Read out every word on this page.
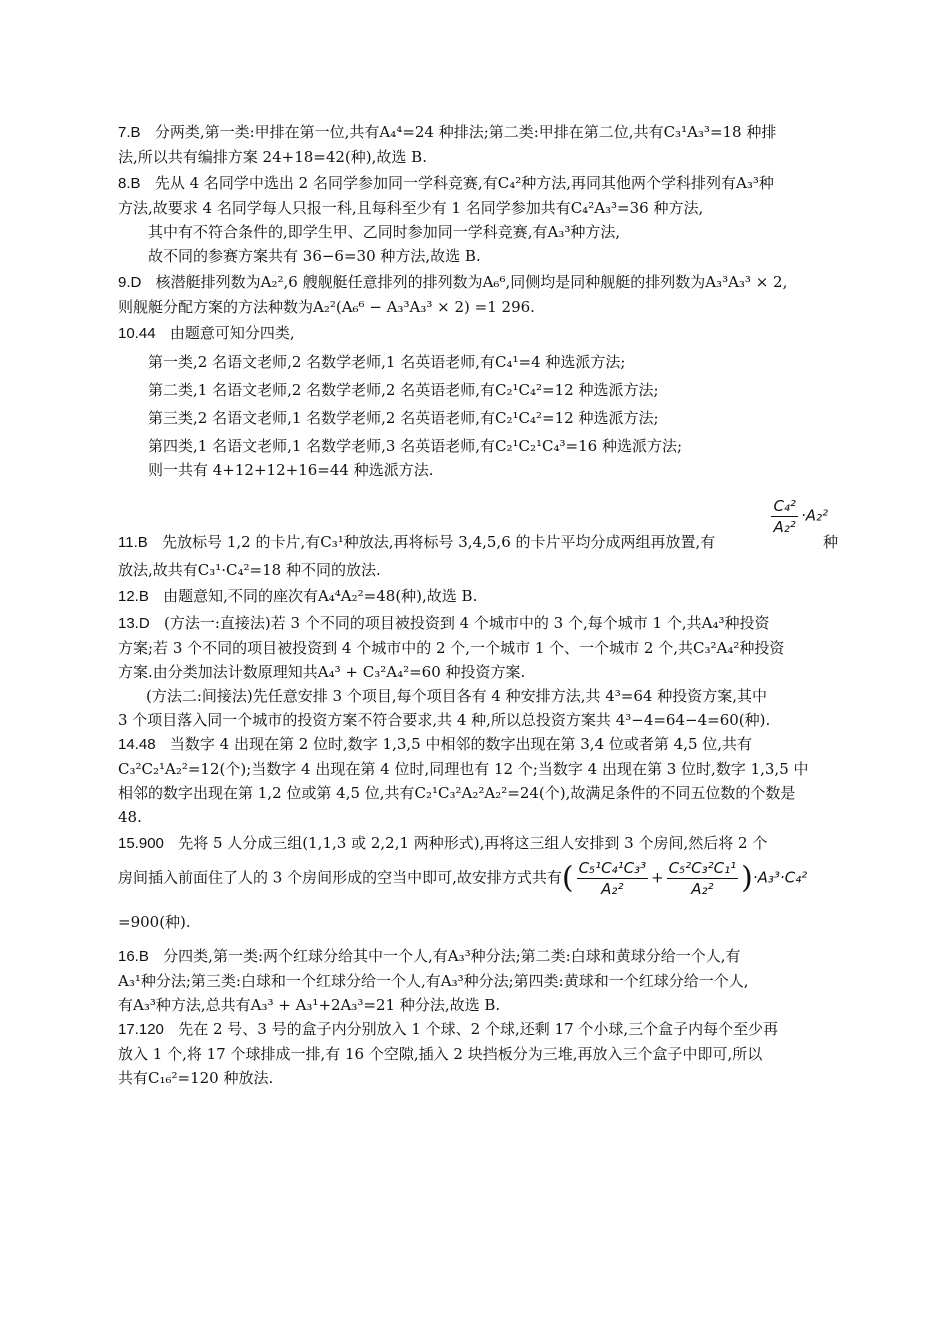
7.B 分两类,第一类:甲排在第一位,共有A₄⁴=24 种排法;第二类:甲排在第二位,共有C₃¹A₃³=18 种排

法,所以共有编排方案 24+18=42(种),故选 B.

8.B 先从 4 名同学中选出 2 名同学参加同一学科竞赛,有C₄²种方法,再同其他两个学科排列有A₃³种

方法,故要求 4 名同学每人只报一科,且每科至少有 1 名同学参加共有C₄²A₃³=36 种方法,

其中有不符合条件的,即学生甲、乙同时参加同一学科竞赛,有A₃³种方法,

故不同的参赛方案共有 36−6=30 种方法,故选 B.

9.D 核潜艇排列数为A₂²,6 艘舰艇任意排列的排列数为A₆⁶,同侧均是同种舰艇的排列数为A₃³A₃³ × 2,

则舰艇分配方案的方法种数为A₂²(A₆⁶ − A₃³A₃³ × 2) =1 296.

10.44 由题意可知分四类,

第一类,2 名语文老师,2 名数学老师,1 名英语老师,有C₄¹=4 种选派方法;

第二类,1 名语文老师,2 名数学老师,2 名英语老师,有C₂¹C₄²=12 种选派方法;

第三类,2 名语文老师,1 名数学老师,2 名英语老师,有C₂¹C₄²=12 种选派方法;

第四类,1 名语文老师,1 名数学老师,3 名英语老师,有C₂¹C₂¹C₄³=16 种选派方法;

则一共有 4+12+12+16=44 种选派方法.

$\frac{\text{C₄²}}{\text{A₂²}} \cdot A_2^2$

11.B 先放标号 1,2 的卡片,有C₃¹种放法,再将标号 3,4,5,6 的卡片平均分成两组再放置,有	种

放法,故共有C₃¹·C₄²=18 种不同的放法.

12.B 由题意知,不同的座次有A₄⁴A₂²=48(种),故选 B.

13.D (方法一:直接法)若 3 个不同的项目被投资到 4 个城市中的 3 个,每个城市 1 个,共A₄³种投资

方案;若 3 个不同的项目被投资到 4 个城市中的 2 个,一个城市 1 个、一个城市 2 个,共C₃²A₄²种投资

方案.由分类加法计数原理知共A₄³ + C₃²A₄²=60 种投资方案.

(方法二:间接法)先任意安排 3 个项目,每个项目各有 4 种安排方法,共 4³=64 种投资方案,其中

3 个项目落入同一个城市的投资方案不符合要求,共 4 种,所以总投资方案共 4³−4=64−4=60(种).

14.48 当数字 4 出现在第 2 位时,数字 1,3,5 中相邻的数字出现在第 3,4 位或者第 4,5 位,共有

C₃²C₂¹A₂²=12(个);当数字 4 出现在第 4 位时,同理也有 12 个;当数字 4 出现在第 3 位时,数字 1,3,5 中

相邻的数字出现在第 1,2 位或第 4,5 位,共有C₂¹C₃²A₂²A₂²=24(个),故满足条件的不同五位数的个数是

48.

15.900 先将 5 人分成三组(1,1,3 或 2,2,1 两种形式),再将这三组人安排到 3 个房间,然后将 2 个

房间插入前面住了人的 3 个房间形成的空当中即可,故安排方式共有( $\frac{\text{C₅¹C₄¹C₃³}}{\text{A₂²}} + \frac{\text{C₅²C₃²C₁¹}}{\text{A₂²}} )\cdot A_3^3\cdot C_4^2$

=900(种).

16.B 分四类,第一类:两个红球分给其中一个人,有A₃³种分法;第二类:白球和黄球分给一个人,有

A₃¹种分法;第三类:白球和一个红球分给一个人,有A₃³种分法;第四类:黄球和一个红球分给一个人,

有A₃³种方法,总共有A₃³ + A₃¹+2A₃³=21 种分法,故选 B.

17.120 先在 2 号、3 号的盒子内分别放入 1 个球、2 个球,还剩 17 个小球,三个盒子内每个至少再

放入 1 个,将 17 个球排成一排,有 16 个空隙,插入 2 块挡板分为三堆,再放入三个盒子中即可,所以

共有C₁₆²=120 种放法.
